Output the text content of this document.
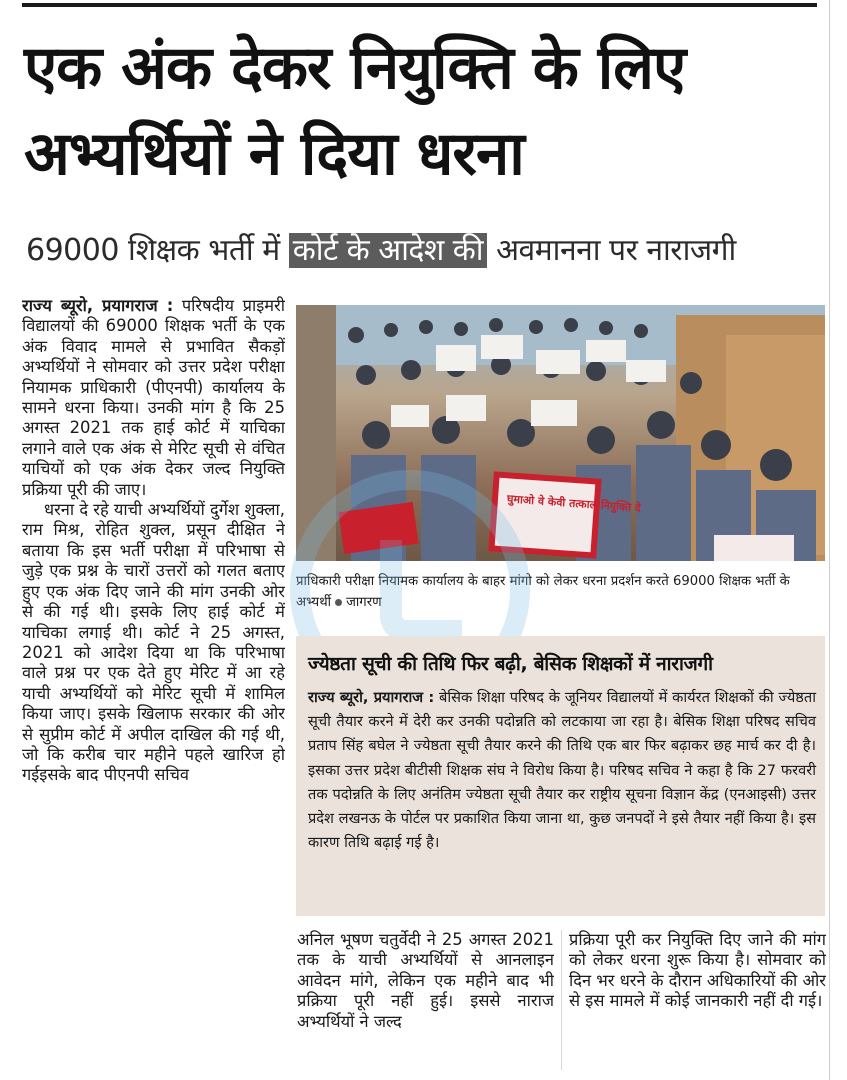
एक अंक देकर नियुक्ति के लिए
अभ्यर्थियों ने दिया धरना
69000 शिक्षक भर्ती में कोर्ट के आदेश की अवमानना पर नाराजगी

राज्य ब्यूरो, प्रयागराज : परिषदीय प्राइमरी विद्यालयों की 69000 शिक्षक भर्ती के एक अंक विवाद मामले से प्रभावित सैकड़ों अभ्यर्थियों ने सोमवार को उत्तर प्रदेश परीक्षा नियामक प्राधिकारी (पीएनपी) कार्यालय के सामने धरना किया। उनकी मांग है कि 25 अगस्त 2021 तक हाई कोर्ट में याचिका लगाने वाले एक अंक से मेरिट सूची से वंचित याचियों को एक अंक देकर जल्द नियुक्ति प्रक्रिया पूरी की जाए।

धरना दे रहे याची अभ्यर्थियों दुर्गेश शुक्ला, राम मिश्र, रोहित शुक्ल, प्रसून दीक्षित ने बताया कि इस भर्ती परीक्षा में परिभाषा से जुड़े एक प्रश्न के चारों उत्तरों को गलत बताए हुए एक अंक दिए जाने की मांग उनकी ओर से की गई थी। इसके लिए हाई कोर्ट में याचिका लगाई थी। कोर्ट ने 25 अगस्त, 2021 को आदेश दिया था कि परिभाषा वाले प्रश्न पर एक देते हुए मेरिट में आ रहे याची अभ्यर्थियों को मेरिट सूची में शामिल किया जाए। इसके खिलाफ सरकार की ओर से सुप्रीम कोर्ट में अपील दाखिल की गई थी, जो कि करीब चार महीने पहले खारिज हो गईइसके बाद पीएनपी सचिव

घुमाओ वे केवी तत्काल नियुक्ति दे
प्राधिकारी परीक्षा नियामक कार्यालय के बाहर मांगो को लेकर धरना प्रदर्शन करते 69000 शिक्षक भर्ती के अभ्यर्थी जागरण
ज्येष्ठता सूची की तिथि फिर बढ़ी, बेसिक शिक्षकों में नाराजगी
राज्य ब्यूरो, प्रयागराज : बेसिक शिक्षा परिषद के जूनियर विद्यालयों में कार्यरत शिक्षकों की ज्येष्ठता सूची तैयार करने में देरी कर उनकी पदोन्नति को लटकाया जा रहा है। बेसिक शिक्षा परिषद सचिव प्रताप सिंह बघेल ने ज्येष्ठता सूची तैयार करने की तिथि एक बार फिर बढ़ाकर छह मार्च कर दी है। इसका उत्तर प्रदेश बीटीसी शिक्षक संघ ने विरोध किया है। परिषद सचिव ने कहा है कि 27 फरवरी तक पदोन्नति के लिए अनंतिम ज्येष्ठता सूची तैयार कर राष्ट्रीय सूचना विज्ञान केंद्र (एनआइसी) उत्तर प्रदेश लखनऊ के पोर्टल पर प्रकाशित किया जाना था, कुछ जनपदों ने इसे तैयार नहीं किया है। इस कारण तिथि बढ़ाई गई है।

अनिल भूषण चतुर्वेदी ने 25 अगस्त 2021 तक के याची अभ्यर्थियों से आनलाइन आवेदन मांगे, लेकिन एक महीने बाद भी प्रक्रिया पूरी नहीं हुई। इससे नाराज अभ्यर्थियों ने जल्द

प्रक्रिया पूरी कर नियुक्ति दिए जाने की मांग को लेकर धरना शुरू किया है। सोमवार को दिन भर धरने के दौरान अधिकारियों की ओर से इस मामले में कोई जानकारी नहीं दी गई।
